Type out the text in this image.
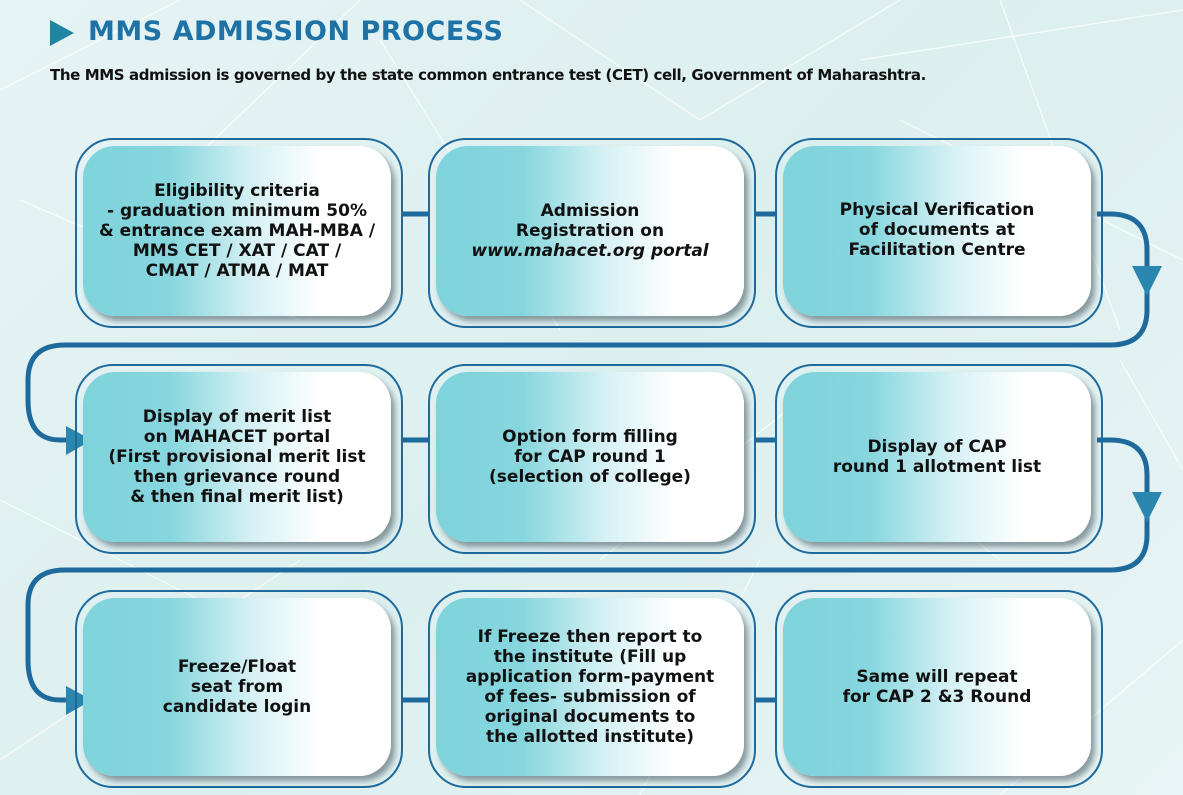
MMS ADMISSION PROCESS
The MMS admission is governed by the state common entrance test (CET) cell, Government of Maharashtra.
Eligibility criteria
- graduation minimum 50%
& entrance exam MAH-MBA /
MMS CET / XAT / CAT /
CMAT / ATMA / MAT
Admission
Registration on
www.mahacet.org portal
Physical Verification
of documents at
Facilitation Centre
Display of merit list
on MAHACET portal
(First provisional merit list
then grievance round
& then final merit list)
Option form filling
for CAP round 1
(selection of college)
Display of CAP
round 1 allotment list
Freeze/Float
seat from
candidate login
If Freeze then report to
the institute (Fill up
application form-payment
of fees- submission of
original documents to
the allotted institute)
Same will repeat
for CAP 2 &3 Round
